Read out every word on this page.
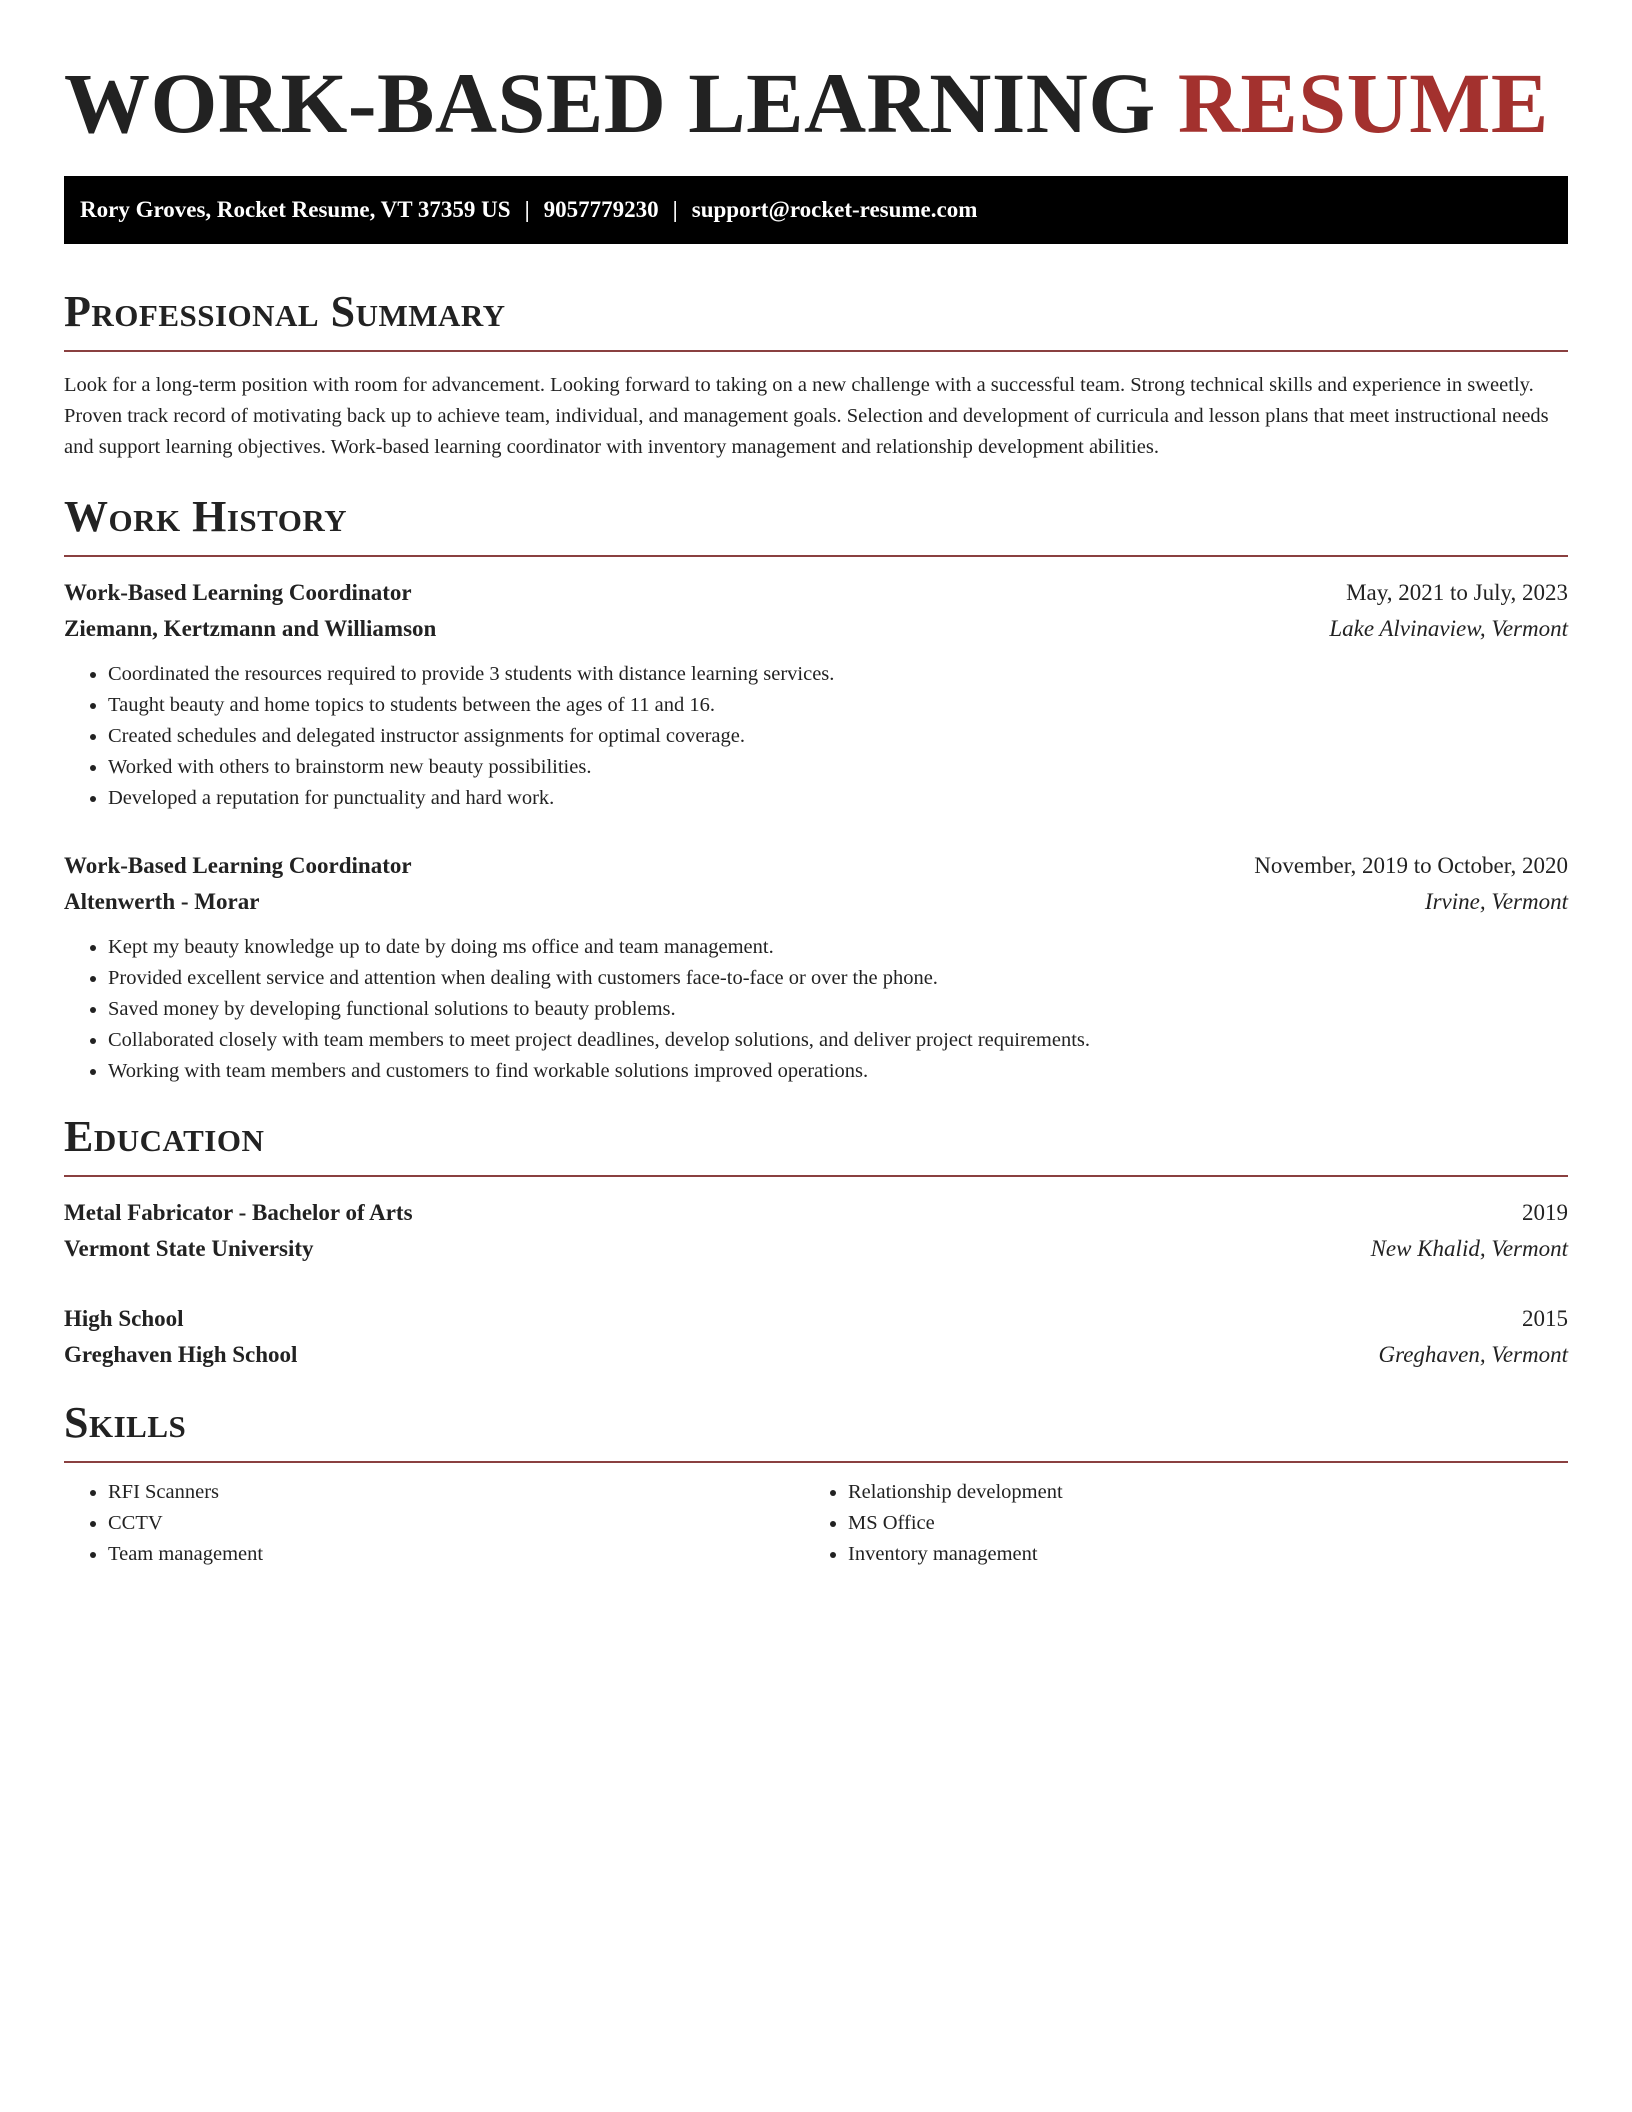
WORK-BASED LEARNING RESUME
Rory Groves, Rocket Resume, VT 37359 US | 9057779230 | support@rocket-resume.com
Professional Summary

Look for a long-term position with room for advancement. Looking forward to taking on a new challenge with a successful team. Strong technical skills and experience in sweetly. Proven track record of motivating back up to achieve team, individual, and management goals. Selection and development of curricula and lesson plans that meet instructional needs and support learning objectives. Work-based learning coordinator with inventory management and relationship development abilities.

Work History
Work-Based Learning Coordinator	May, 2021 to July, 2023
Ziemann, Kertzmann and Williamson	Lake Alvinaview, Vermont
• Coordinated the resources required to provide 3 students with distance learning services.
• Taught beauty and home topics to students between the ages of 11 and 16.
• Created schedules and delegated instructor assignments for optimal coverage.
• Worked with others to brainstorm new beauty possibilities.
• Developed a reputation for punctuality and hard work.
Work-Based Learning Coordinator	November, 2019 to October, 2020
Altenwerth - Morar	Irvine, Vermont
• Kept my beauty knowledge up to date by doing ms office and team management.
• Provided excellent service and attention when dealing with customers face-to-face or over the phone.
• Saved money by developing functional solutions to beauty problems.
• Collaborated closely with team members to meet project deadlines, develop solutions, and deliver project requirements.
• Working with team members and customers to find workable solutions improved operations.
Education
Metal Fabricator - Bachelor of Arts	2019
Vermont State University	New Khalid, Vermont
High School	2015
Greghaven High School	Greghaven, Vermont
Skills
• RFI Scanners
• CCTV
• Team management
• Relationship development
• MS Office
• Inventory management
